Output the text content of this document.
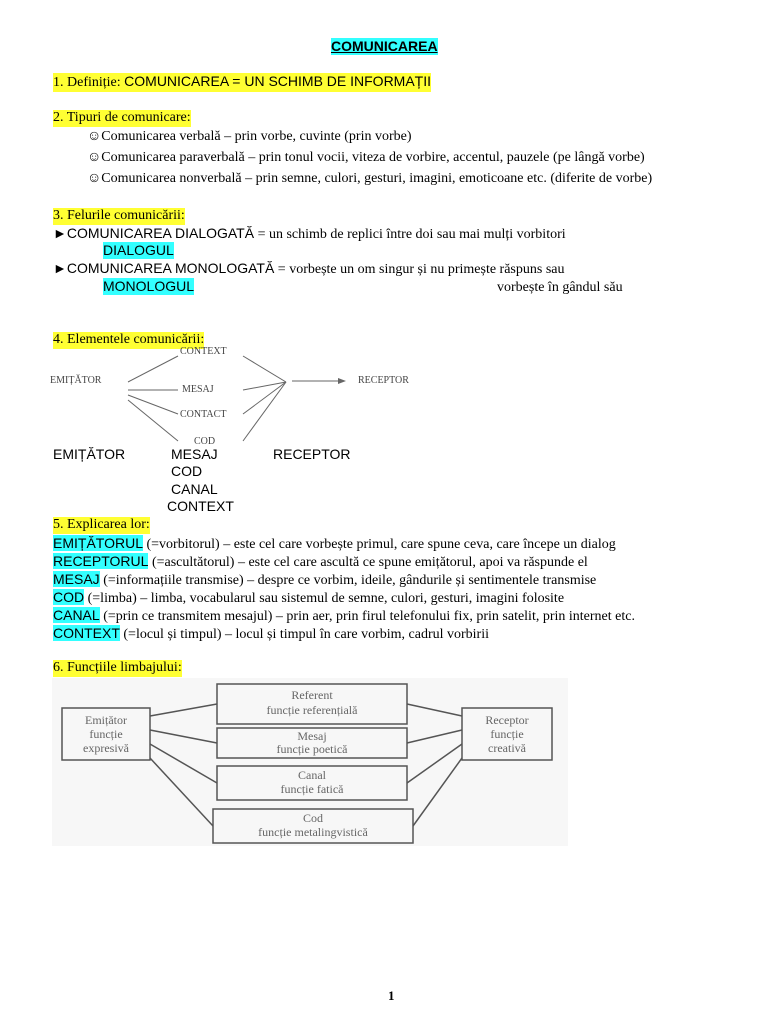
COMUNICAREA
1. Definiție: COMUNICAREA = UN SCHIMB DE INFORMAȚII
2. Tipuri de comunicare:
☺Comunicarea verbală – prin vorbe, cuvinte (prin vorbe)
☺Comunicarea paraverbală – prin tonul vocii, viteza de vorbire, accentul, pauzele (pe lângă vorbe)
☺Comunicarea nonverbală – prin semne, culori, gesturi, imagini, emoticoane etc. (diferite de vorbe)
3. Felurile comunicării:
►COMUNICAREA DIALOGATĂ = un schimb de replici între doi sau mai mulți vorbitori
DIALOGUL
►COMUNICAREA MONOLOGATĂ = vorbește un om singur și nu primește răspuns sau
MONOLOGUL	vorbește în gândul său
4. Elementele comunicării:
CONTEXT
EMIȚĂTOR
MESAJ
CONTACT
COD
RECEPTOR
EMIȚĂTOR	MESAJ
COD
CANAL
CONTEXT
RECEPTOR
5. Explicarea lor:
EMIȚĂTORUL (=vorbitorul) – este cel care vorbește primul, care spune ceva, care începe un dialog
RECEPTORUL (=ascultătorul) – este cel care ascultă ce spune emițătorul, apoi va răspunde el
MESAJ (=informațiile transmise) – despre ce vorbim, ideile, gândurile și sentimentele transmise
COD (=limba) – limba, vocabularul sau sistemul de semne, culori, gesturi, imagini folosite
CANAL (=prin ce transmitem mesajul) – prin aer, prin firul telefonului fix, prin satelit, prin internet etc.
CONTEXT (=locul și timpul) – locul și timpul în care vorbim, cadrul vorbirii
6. Funcțiile limbajului:
Emițător
funcție
expresivă
Referent
funcție referențială
Mesaj
funcție poetică
Canal
funcție fatică
Cod
funcție metalingvistică
Receptor
funcție
creativă
1
